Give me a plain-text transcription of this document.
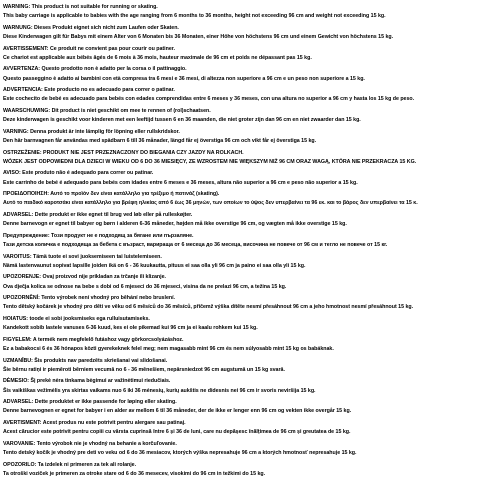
WARNING: This product is not suitable for running or skating.
This baby carriage is applicable to babies with the age ranging from 6 months to 36 months, height not exceeding 96 cm and weight not exceeding 15 kg.
WARNUNG: Dieses Produkt eignet sich nicht zum Laufen oder Skaten.
Diese Kinderwagen gilt für Babys mit einem Alter von 6 Monaten bis 36 Monaten, einer Höhe von höchstens 96 cm und einem Gewicht von höchstens 15 kg.
AVERTISSEMENT: Ce produit ne convient pas pour courir ou patiner.
Ce chariot est applicable aux bébés âgés de 6 mois à 36 mois, hauteur maximale de 96 cm et poids ne dépassant pas 15 kg.
AVVERTENZA: Questo prodotto non è adatto per la corsa o il pattinaggio.
Questo passeggino è adatto ai bambini con età compresa tra 6 mesi e 36 mesi, di altezza non superiore a 96 cm e un peso non superiore a 15 kg.
ADVERTENCIA: Este producto no es adecuado para correr o patinar.
Este cochecito de bebé es adecuado para bebés con edades comprendidas entre 6 meses y 36 meses, con una altura no superior a 96 cm y hasta los 15 kg de peso.
WAARSCHUWING: Dit product is niet geschikt om mee te rennen of (rol)schaatsen.
Deze kinderwagen is geschikt voor kinderen met een leeftijd tussen 6 en 36 maanden, die niet groter zijn dan 96 cm en niet zwaarder dan 15 kg.
VARNING: Denna produkt är inte lämplig för löpning eller rullskridskor.
Den här barnvagnen får användas med spädbarn 6 till 36 månader, längd får ej överstiga 96 cm och vikt får ej överstiga 15 kg.
OSTRZEŻENIE: PRODUKT NIE JEST PRZEZNACZONY DO BIEGANIA CZY JAZDY NA ROLKACH.
WÓZEK JEST ODPOWIEDNI DLA DZIECI W WIEKU OD 6 DO 36 MIESIĘCY, ZE WZROSTEM NIE WIĘKSZYM NIŻ 96 CM ORAZ WAGĄ, KTÓRA NIE PRZEKRACZA 15 KG.
AVISO: Este produto não é adequado para correr ou patinar.
Este carrinho de bebé é adequado para bebés com idades entre 6 meses e 36 meses, altura não superior a 96 cm e peso não superior a 15 kg.
ΠΡΟΕΙΔΟΠΟΙΗΣΗ: Αυτό το προϊόν δεν είναι κατάλληλο για τρέξιμο ή πατινάζ (skating).
Αυτό το παιδικό καροτσάκι είναι κατάλληλο για βρέφη ηλικίας από 6 έως 36 μηνών, των οποίων το ύψος δεν υπερβαίνει τα 96 εκ. και το βάρος δεν υπερβαίνει τα 15 κ.
ADVARSEL: Dette produkt er ikke egnet til brug ved løb eller på rulleskøjter.
Denne barnevogn er egnet til babyer og børn i alderen 6-36 måneder, højden må ikke overstige 96 cm, og vægten må ikke overstige 15 kg.
Предупреждение: Този продукт не е подходящ за бягане или пързаляне.
Тази детска количка е подходяща за бебета с възраст, варираща от 6 месеца до 36 месеца, височина не повече от 96 см и тегло не повече от 15 кг.
VAROITUS: Tämä tuote ei sovi juoksemiseen tai luistelemiseen.
Nämä lastenvaunut sopivat lapsille joiden ikä on 6 - 36 kuukautta, pituus ei saa olla yli 96 cm ja paino ei saa olla yli 15 kg.
UPOZORENJE: Ovaj proizvod nije prikladan za trčanje ili klizanje.
Ova dječja kolica se odnose na bebe s dobi od 6 mjeseci do 36 mjeseci, visina da ne prelazi 96 cm, a težina 15 kg.
UPOZORNĚNÍ: Tento výrobek není vhodný pro běhání nebo bruslení.
Tento dětský kočárek je vhodný pro děti ve věku od 6 měsíců do 36 měsíců, přičemž výška dítěte nesmí přesáhnout 96 cm a jeho hmotnost nesmí přesáhnout 15 kg.
HOIATUS: toode ei sobi jooksmiseks ega rulluisutamiseks.
Kandekott sobib lastele vanuses 6-36 kuud, kes ei ole pikemad kui 96 cm ja ei kaalu rohkem kui 15 kg.
FIGYELEM: A termék nem megfelelő futáshoz vagy görkorcsolyázáshoz.
Ez a babakocsi 6 és 36 hónapos közti gyerekeknek felel meg; nem magasabb mint 96 cm és nem súlyosabb mint 15 kg os babáknak.
UZMANĪBU: Šis produkts nav paredzēts skriešanai vai slidošanai.
Šie bērnu ratiņi ir piemēroti bērniem vecumā no 6 - 36 mēnešiem, nepārsniedzot 96 cm augstumā un 15 kg svarā.
DĖMESIO: Šį prekė nėra tinkama bėgimui ar važinėtimui riedučiais.
Šis vaikiškas vežimėlis yra skirtas vaikams nuo 6 iki 36 mėnesių, kurių aukštis ne didesnis nei 96 cm ir svoris neviršija 15 kg.
ADVARSEL: Dette produktet er ikke passende for løping eller skating.
Denne barnevognen er egnet for babyer i en alder av mellom 6 til 36 måneder, der de ikke er lenger enn 96 cm og vekten ikke overgår 15 kg.
AVERTISMENT: Acest produs nu este potrivit pentru alergare sau patinaj.
Acest cărucior este potrivit pentru copiii cu vârsta cuprinsă între 6 și 36 de luni, care nu depășesc înălțimea de 96 cm și greutatea de 15 kg.
VAROVANIE: Tento výrobok nie je vhodný na behanie a korčuľovanie.
Tento detský kočík je vhodný pre deti vo veku od 6 do 36 mesiacov, ktorých výška nepresahuje 96 cm a ktorých hmotnosť nepresahuje 15 kg.
OPOZORILO: Ta izdelek ni primeren za tek ali rolanje.
Ta otroški voziček je primeren za otroke stare od 6 do 36 mesecev, visokimi do 96 cm in težkimi do 15 kg.
